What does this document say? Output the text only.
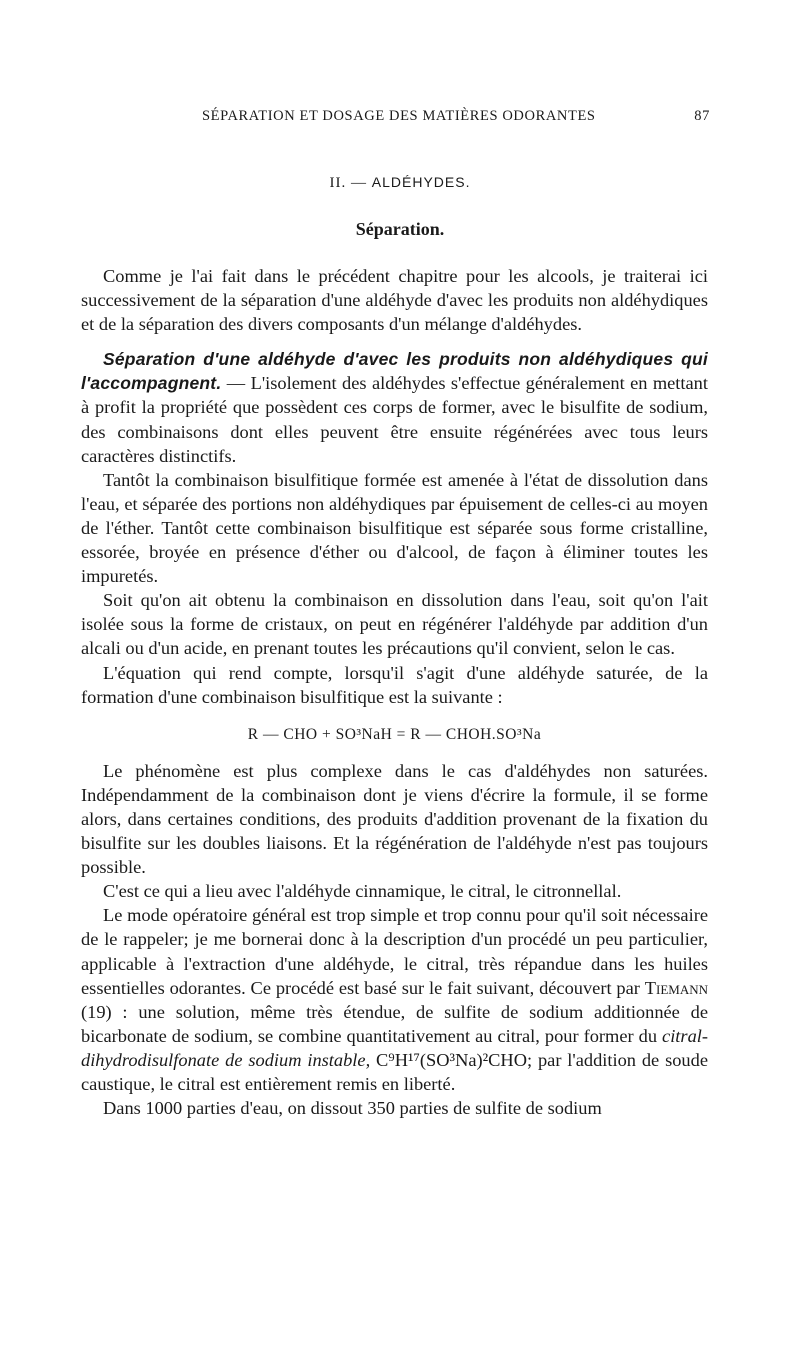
SÉPARATION ET DOSAGE DES MATIÈRES ODORANTES	87
II. — ALDÉHYDES.
Séparation.

Comme je l'ai fait dans le précédent chapitre pour les alcools, je traiterai ici successivement de la séparation d'une aldéhyde d'avec les produits non aldéhydiques et de la séparation des divers composants d'un mélange d'aldéhydes.

Séparation d'une aldéhyde d'avec les produits non aldéhydiques qui l'accompagnent. — L'isolement des aldéhydes s'effectue généralement en mettant à profit la propriété que possèdent ces corps de former, avec le bisulfite de sodium, des combinaisons dont elles peuvent être ensuite régénérées avec tous leurs caractères distinctifs.

Tantôt la combinaison bisulfitique formée est amenée à l'état de dissolution dans l'eau, et séparée des portions non aldéhydiques par épuisement de celles-ci au moyen de l'éther. Tantôt cette combinaison bisulfitique est séparée sous forme cristalline, essorée, broyée en présence d'éther ou d'alcool, de façon à éliminer toutes les impuretés.

Soit qu'on ait obtenu la combinaison en dissolution dans l'eau, soit qu'on l'ait isolée sous la forme de cristaux, on peut en régénérer l'aldéhyde par addition d'un alcali ou d'un acide, en prenant toutes les précautions qu'il convient, selon le cas.

L'équation qui rend compte, lorsqu'il s'agit d'une aldéhyde saturée, de la formation d'une combinaison bisulfitique est la suivante :

R — CHO + SO³NaH = R — CHOH.SO³Na

Le phénomène est plus complexe dans le cas d'aldéhydes non saturées. Indépendamment de la combinaison dont je viens d'écrire la formule, il se forme alors, dans certaines conditions, des produits d'addition provenant de la fixation du bisulfite sur les doubles liaisons. Et la régénération de l'aldéhyde n'est pas toujours possible.

C'est ce qui a lieu avec l'aldéhyde cinnamique, le citral, le citronnellal.

Le mode opératoire général est trop simple et trop connu pour qu'il soit nécessaire de le rappeler; je me bornerai donc à la description d'un procédé un peu particulier, applicable à l'extraction d'une aldéhyde, le citral, très répandue dans les huiles essentielles odorantes. Ce procédé est basé sur le fait suivant, découvert par Tiemann (19) : une solution, même très étendue, de sulfite de sodium additionnée de bicarbonate de sodium, se combine quantitativement au citral, pour former du citral-dihydrodisulfonate de sodium instable, C⁹H¹⁷(SO³Na)²CHO; par l'addition de soude caustique, le citral est entièrement remis en liberté.

Dans 1000 parties d'eau, on dissout 350 parties de sulfite de sodium
